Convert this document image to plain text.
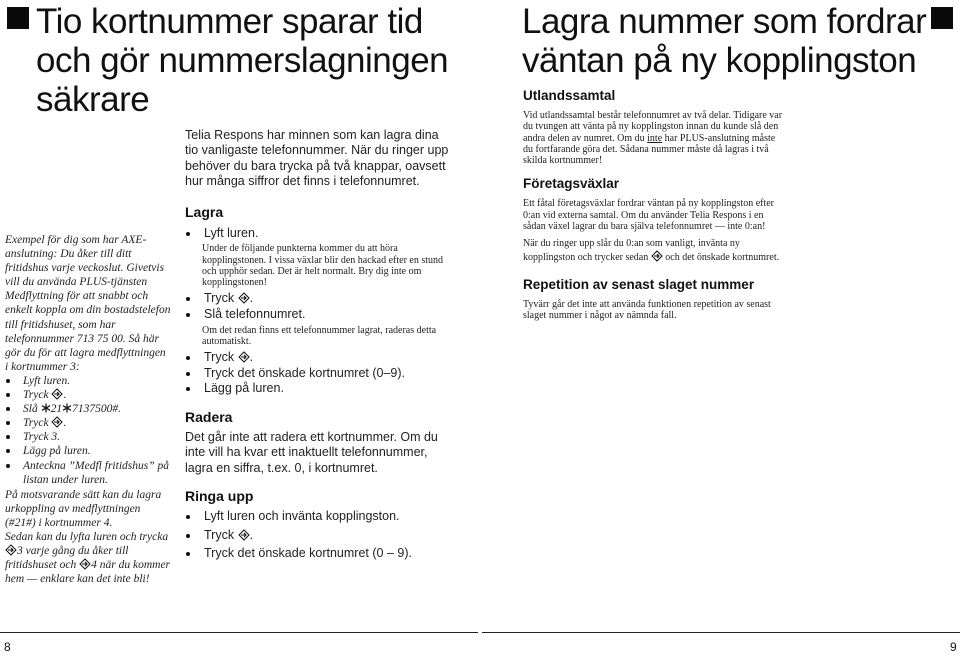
Tio kortnummer sparar tid
och gör nummerslagningen
säkrare

Exempel för dig som har AXE-anslutning: Du åker till ditt fritidshus varje veckoslut. Givetvis vill du använda PLUS-tjänsten Medflyttning för att snabbt och enkelt koppla om din bostadstelefon till fritidshuset, som har telefonnummer 713 75 00. Så här gör du för att lagra medflyttningen i kortnummer 3:

Lyft luren.
Tryck
.
Slå
21 7137500#.
Tryck
.
Tryck 3.
Lägg på luren.
Anteckna ”Medfl fritidshus” på listan under luren.

På motsvarande sätt kan du lagra urkoppling av medflyttningen (#21#) i kortnummer 4.

Sedan kan du lyfta luren och trycka
3 varje gång du åker till fritidshuset och
4 när du kommer hem — enklare kan det inte bli!

Telia Respons har minnen som kan lagra dina tio vanligaste telefonnummer. När du ringer upp behöver du bara trycka på två knappar, oavsett hur många siffror det finns i telefonnumret.

Lagra
Lyft luren.

Under de följande punkterna kommer du att höra kopplingstonen. I vissa växlar blir den hackad efter en stund och upphör sedan. Det är helt normalt. Bry dig inte om kopplingstonen!

Tryck
.
Slå telefonnumret.

Om det redan finns ett telefonnummer lagrat, raderas detta automatiskt.

Tryck
.
Tryck det önskade kortnumret (0–9).
Lägg på luren.
Radera

Det går inte att radera ett kortnummer. Om du inte vill ha kvar ett inaktuellt telefonnummer, lagra en siffra, t.ex. 0, i kortnumret.

Ringa upp
Lyft luren och invänta kopplingston.
Tryck
.
Tryck det önskade kortnumret (0 – 9).
8
Lagra nummer som fordrar
väntan på ny kopplingston
Utlandssamtal

Vid utlandssamtal består telefonnumret av två delar. Tidigare var du tvungen att vänta på ny kopplingston innan du kunde slå den andra delen av numret. Om du inte har PLUS-anslutning måste du fortfarande göra det. Sådana nummer måste då lagras i två skilda kortnummer!

Företagsväxlar

Ett fåtal företagsväxlar fordrar väntan på ny kopplingston efter 0:an vid externa samtal. Om du använder Telia Respons i en sådan växel lagrar du bara själva telefonnumret — inte 0:an!

När du ringer upp slår du 0:an som vanligt, invänta ny kopplingston och trycker sedan
och det önskade kortnumret.

Repetition av senast slaget nummer

Tyvärr går det inte att använda funktionen repetition av senast slaget nummer i något av nämnda fall.

9
